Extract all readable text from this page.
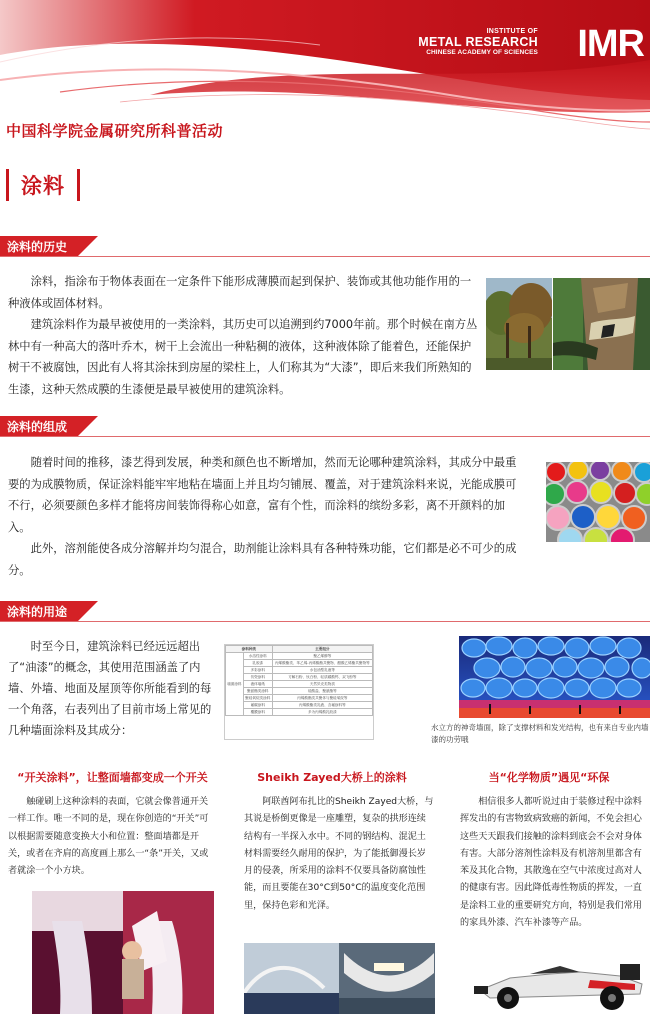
INSTITUTE OF
METAL RESEARCH
CHINESE ACADEMY OF SCIENCES IMR
中国科学院金属研究所科普活动
涂料
涂料的历史
涂料，指涂布于物体表面在一定条件下能形成薄膜而起到保护、装饰或其他功能作用的一种液体或固体材料。
建筑涂料作为最早被使用的一类涂料，其历史可以追溯到约7000年前。那个时候在南方丛林中有一种高大的落叶乔木，树干上会流出一种粘稠的液体，这种液体除了能着色，还能保护树干不被腐蚀，因此有人将其涂抹到房屋的梁柱上，人们称其为“大漆”，即后来我们所熟知的生漆，这种天然成膜的生漆便是最早被使用的建筑涂料。
涂料的组成
随着时间的推移，漆艺得到发展，种类和颜色也不断增加，然而无论哪种建筑涂料，其成分中最重要的为成膜物质，保证涂料能牢牢地粘在墙面上并且均匀铺展、覆盖，对于建筑涂料来说，光能成膜可不行，必须要颜色多样才能将房间装饰得称心如意，富有个性，而涂料的缤纷多彩，离不开颜料的加入。
此外，溶剂能使各成分溶解并均匀混合，助剂能让涂料具有各种特殊功能，它们都是必不可少的成分。
涂料的用途
时至今日，建筑涂料已经远远超出了“油漆”的概念，其使用范围涵盖了内墙、外墙、地面及屋顶等你所能看到的每一个角落，右表列出了目前市场上常见的几种墙面涂料及其成分：
涂料种类		主要组分
墙面涂料	水溶性涂料	聚乙烯醇等
	乳胶漆	丙烯酸酯类、苯乙烯-丙烯酸酯共聚物、醋酸乙烯酯共聚物等
	多彩涂料	水包油型乳液等
	仿瓷涂料	方解石粉、钛白粉、轻质碳酸钙、双飞粉等
	液体墙纸	天然贝壳类物质
	聚氨酯类涂料	硅酸盐、聚氨酯等
	聚硅氧烷类涂料	丙烯酸酯类共聚体与聚硅氧烷等
	氟碳涂料	丙烯酸酯类乳液、含氟涂料等
	覆膜涂料	多为丙烯酸乳胶漆
水立方的神奇墙面，除了支撑材料和发光结构，也有来自专业内墙漆的功劳哦
“开关涂料”，让整面墙都变成一个开关
触碰刷上这种涂料的表面，它就会像普通开关一样工作。唯一不同的是，现在你创造的“开关”可以根据需要随意变换大小和位置：整面墙都是开关，或者在齐肩的高度画上那么一“条”开关，又或者就涂一个小方块。
Sheikh Zayed大桥上的涂料
阿联酋阿布扎比的Sheikh Zayed大桥，与其说是桥倒更像是一座雕塑，复杂的拱形连续结构有一半探入水中。不同的钢结构、混泥土材料需要经久耐用的保护，为了能抵御漫长岁月的侵袭，所采用的涂料不仅要具备防腐蚀性能，而且要能在30°C到50°C的温度变化范围里，保持色彩和光泽。
当“化学物质”遇见“环保
相信很多人都听说过由于装修过程中涂料挥发出的有害物致病致癌的新闻，不免会担心这些天天跟我们接触的涂料到底会不会对身体有害。大部分溶剂性涂料及有机溶剂里都含有苯及其化合物，其散逸在空气中浓度过高对人的健康有害。因此降低毒性物质的挥发，一直是涂料工业的重要研究方向，特别是我们常用的家具外漆、汽车补漆等产品。
